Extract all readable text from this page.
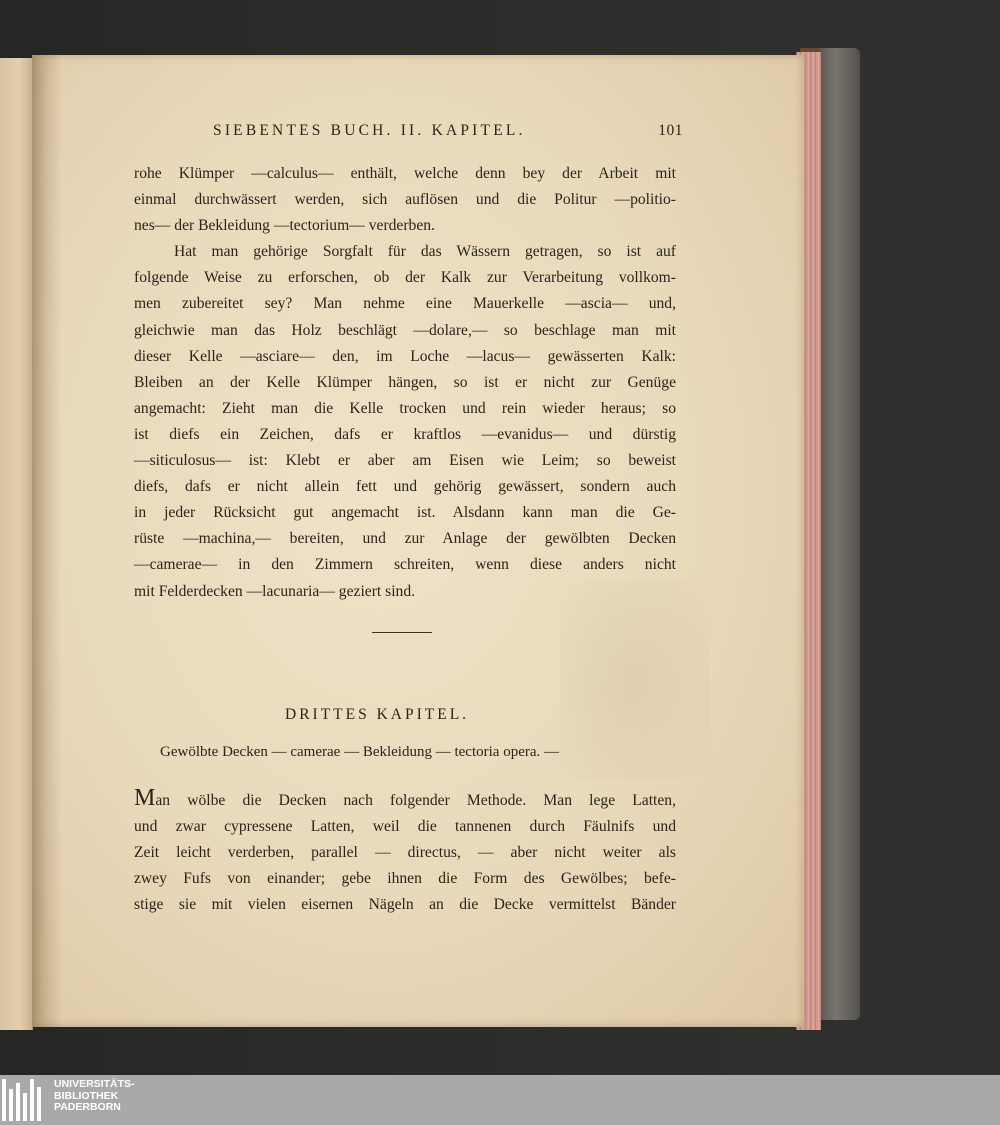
SIEBENTES BUCH. II. KAPITEL.	101
rohe Klümper —calculus— enthält, welche denn bey der Arbeit mit
einmal durchwässert werden, sich auflösen und die Politur —politio-
nes— der Bekleidung —tectorium— verderben.
Hat man gehörige Sorgfalt für das Wässern getragen, so ist auf
folgende Weise zu erforschen, ob der Kalk zur Verarbeitung vollkom-
men zubereitet sey? Man nehme eine Mauerkelle —ascia— und,
gleichwie man das Holz beschlägt —dolare,— so beschlage man mit
dieser Kelle —asciare— den, im Loche —lacus— gewässerten Kalk:
Bleiben an der Kelle Klümper hängen, so ist er nicht zur Genüge
angemacht: Zieht man die Kelle trocken und rein wieder heraus; so
ist diefs ein Zeichen, dafs er kraftlos —evanidus— und dürstig
—siticulosus— ist: Klebt er aber am Eisen wie Leim; so beweist
diefs, dafs er nicht allein fett und gehörig gewässert, sondern auch
in jeder Rücksicht gut angemacht ist. Alsdann kann man die Ge-
rüste —machina,— bereiten, und zur Anlage der gewölbten Decken
—camerae— in den Zimmern schreiten, wenn diese anders nicht
mit Felderdecken —lacunaria— geziert sind.
DRITTES KAPITEL.
Gewölbte Decken — camerae — Bekleidung — tectoria opera. —
Man wölbe die Decken nach folgender Methode. Man lege Latten,
und zwar cypressene Latten, weil die tannenen durch Fäulnifs und
Zeit leicht verderben, parallel — directus, — aber nicht weiter als
zwey Fufs von einander; gebe ihnen die Form des Gewölbes; befe-
stige sie mit vielen eisernen Nägeln an die Decke vermittelst Bänder
UNIVERSITÄTS-
BIBLIOTHEK
PADERBORN
